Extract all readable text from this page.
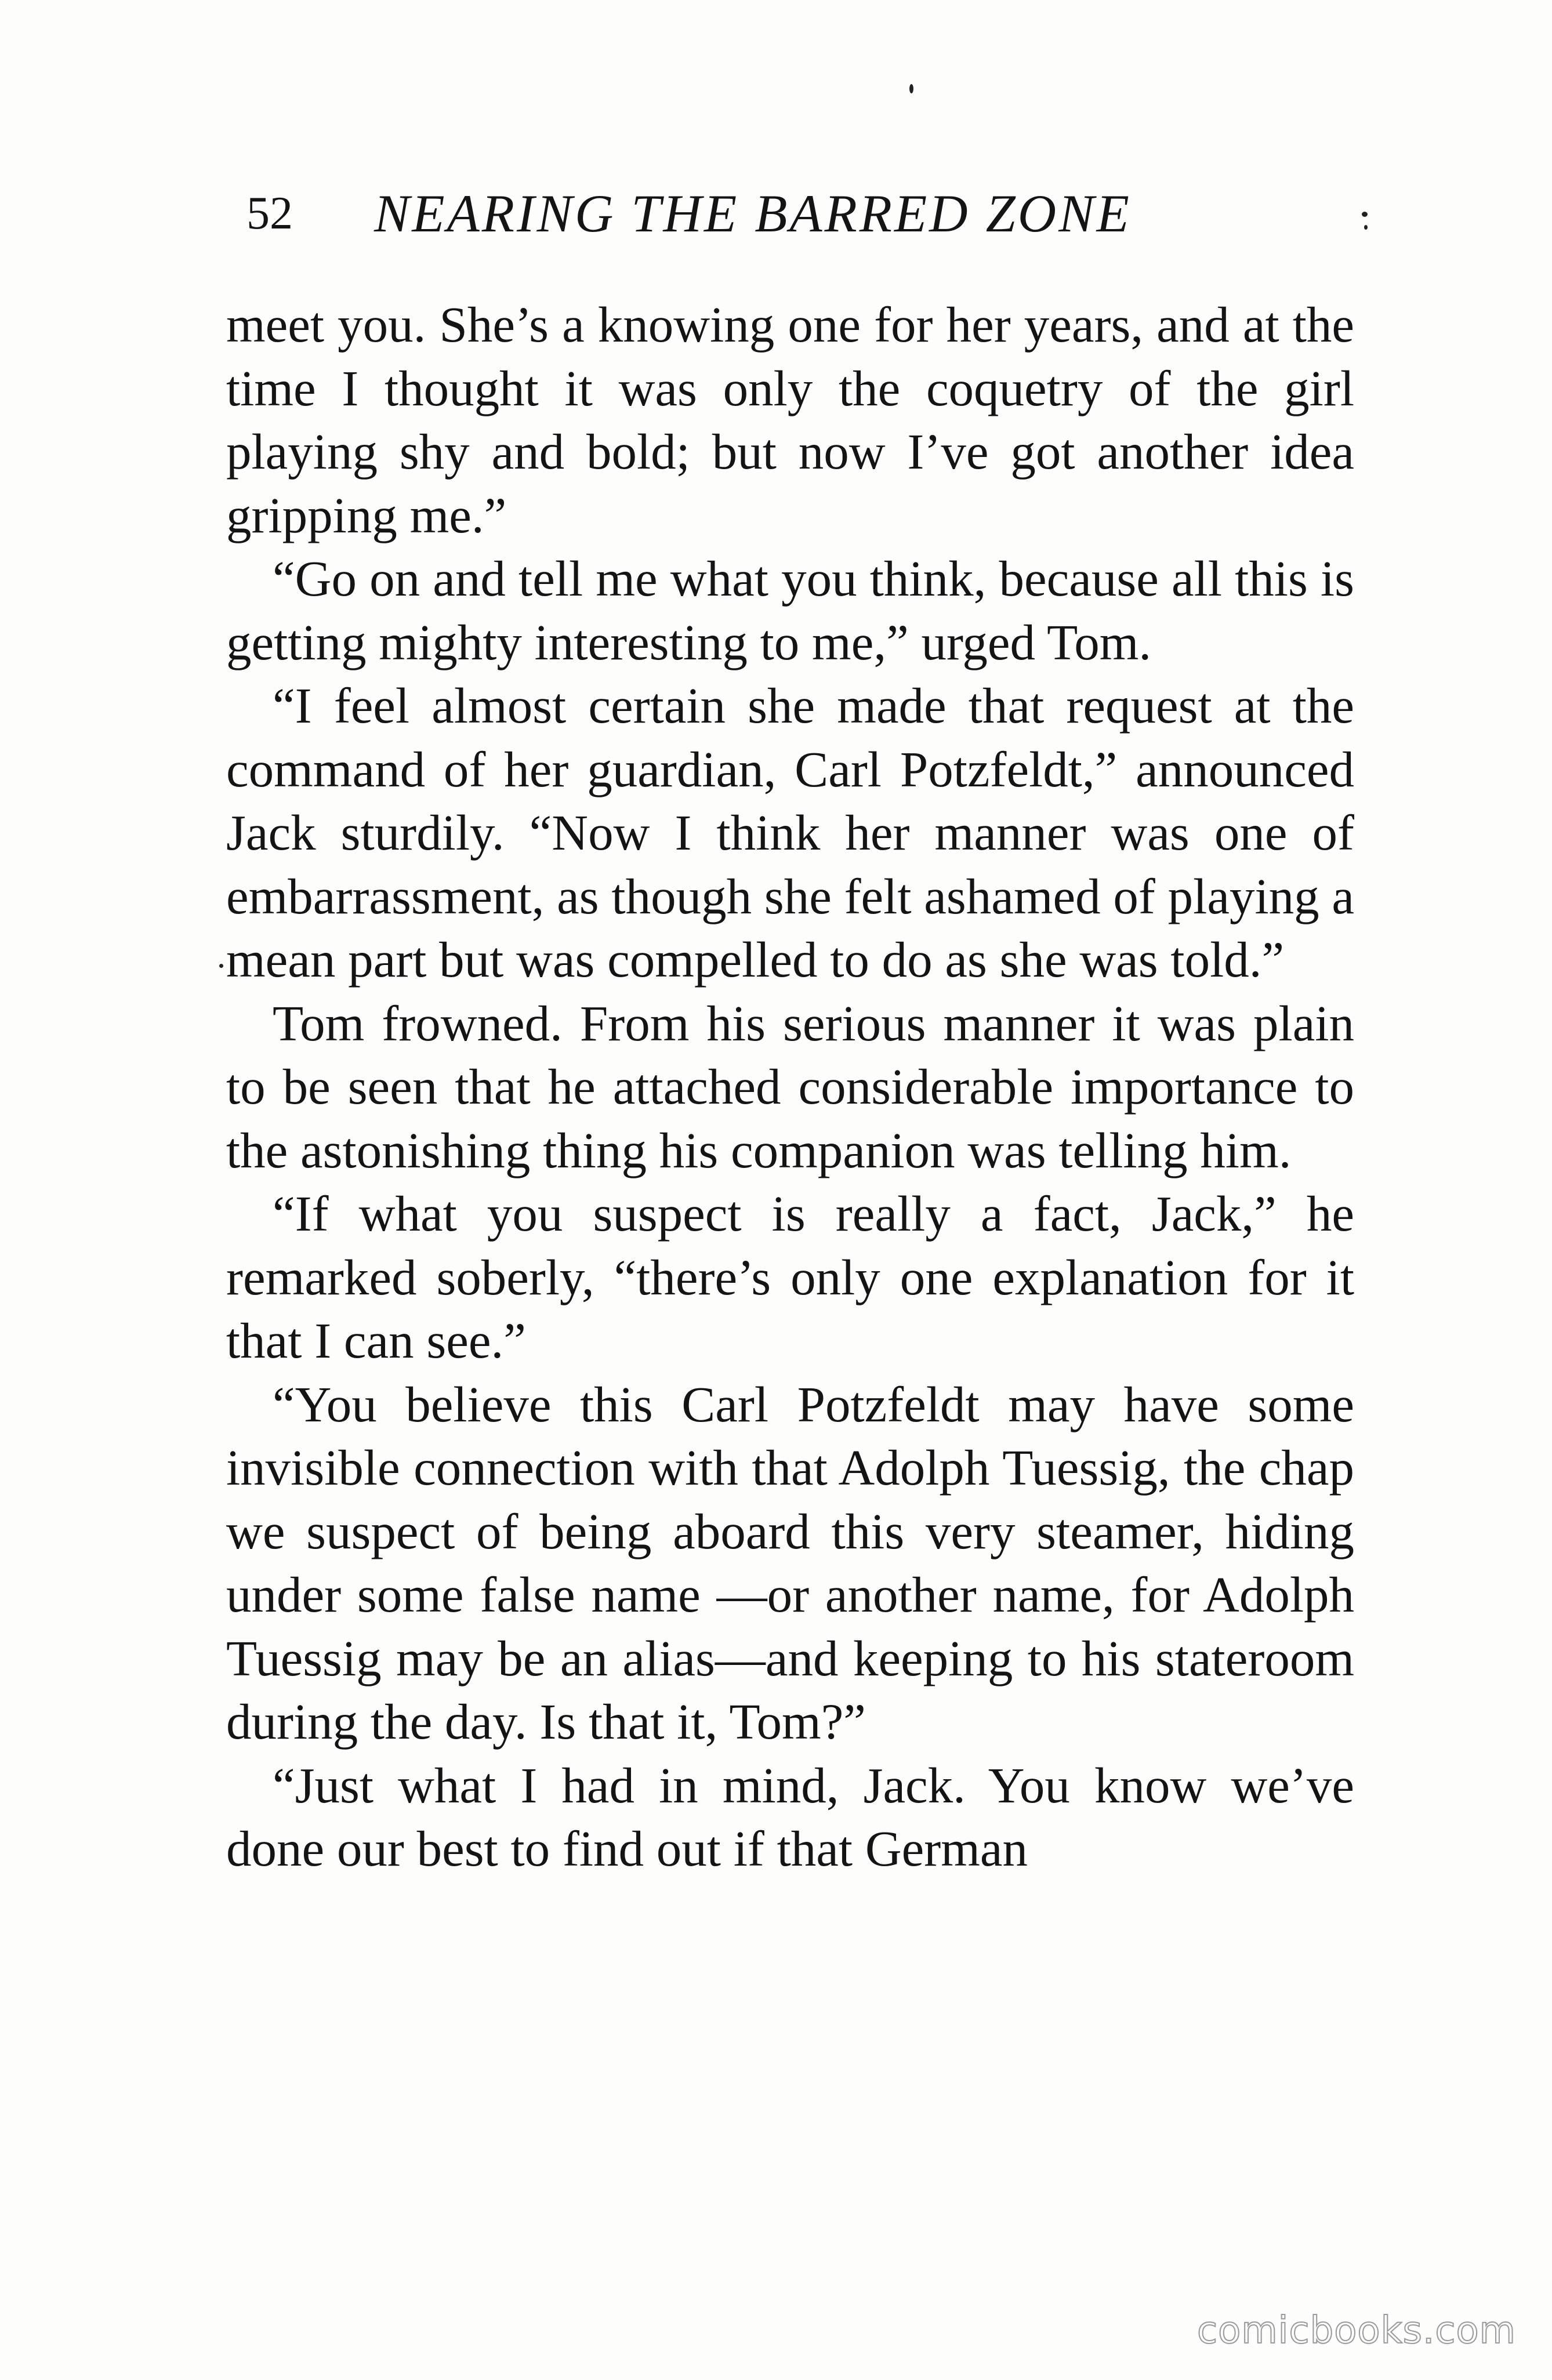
52 NEARING THE BARRED ZONE

meet you. She’s a knowing one for her years, and at the time I thought it was only the coquetry of the girl playing shy and bold; but now I’ve got another idea gripping me.”

“Go on and tell me what you think, because all this is getting mighty interesting to me,” urged Tom.

“I feel almost certain she made that request at the command of her guardian, Carl Potzfeldt,” announced Jack sturdily. “Now I think her manner was one of embarrassment, as though she felt ashamed of playing a mean part but was compelled to do as she was told.”

Tom frowned. From his serious manner it was plain to be seen that he attached considerable importance to the astonishing thing his companion was telling him.

“If what you suspect is really a fact, Jack,” he remarked soberly, “there’s only one explanation for it that I can see.”

“You believe this Carl Potzfeldt may have some invisible connection with that Adolph Tuessig, the chap we suspect of being aboard this very steamer, hiding under some false name —or another name, for Adolph Tuessig may be an alias—and keeping to his stateroom during the day. Is that it, Tom?”

“Just what I had in mind, Jack. You know we’ve done our best to find out if that German

comicbooks.com
